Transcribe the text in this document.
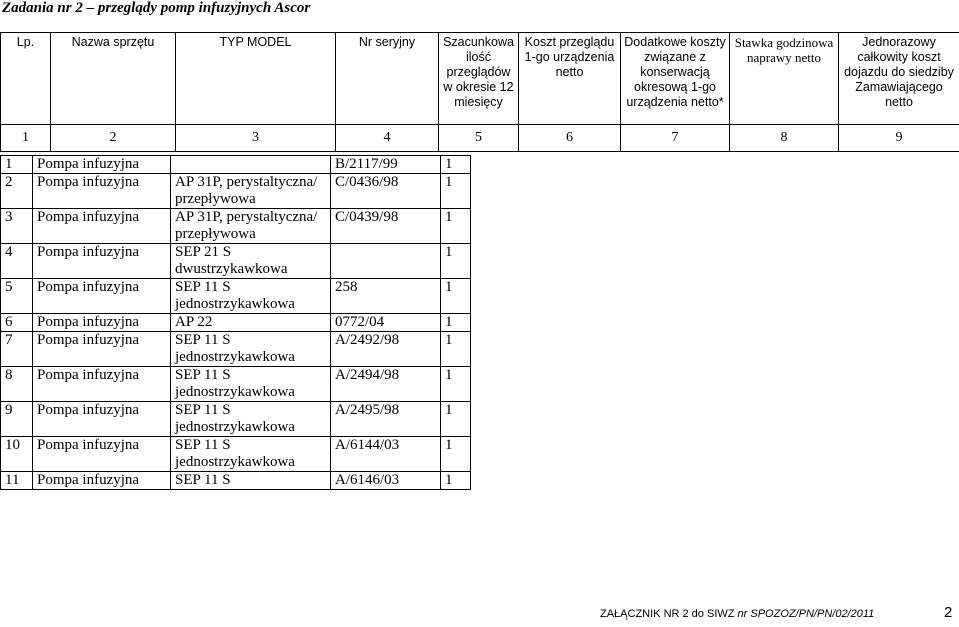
Zadania nr 2 – przeglądy pomp infuzyjnych Ascor
Lp.	Nazwa sprzętu	TYP MODEL	Nr seryjny	Szacunkowa ilość przeglądów w okresie 12 miesięcy	Koszt przeglądu 1-go urządzenia netto	Dodatkowe koszty związane z konserwacją okresową 1-go urządzenia netto*	Stawka godzinowa naprawy netto	Jednorazowy całkowity koszt dojazdu do siedziby Zamawiającego netto
1	2	3	4	5	6	7	8	9
1	Pompa infuzyjna		B/2117/99	1
2	Pompa infuzyjna	AP 31P, perystaltyczna/ przepływowa	C/0436/98	1
3	Pompa infuzyjna	AP 31P, perystaltyczna/ przepływowa	C/0439/98	1
4	Pompa infuzyjna	SEP 21 S dwustrzykawkowa		1
5	Pompa infuzyjna	SEP 11 S jednostrzykawkowa	258	1
6	Pompa infuzyjna	AP 22	0772/04	1
7	Pompa infuzyjna	SEP 11 S jednostrzykawkowa	A/2492/98	1
8	Pompa infuzyjna	SEP 11 S jednostrzykawkowa	A/2494/98	1
9	Pompa infuzyjna	SEP 11 S jednostrzykawkowa	A/2495/98	1
10	Pompa infuzyjna	SEP 11 S jednostrzykawkowa	A/6144/03	1
11	Pompa infuzyjna	SEP 11 S	A/6146/03	1
ZAŁĄCZNIK NR 2 do SIWZ nr SPOZOZ/PN/PN/02/2011	2
